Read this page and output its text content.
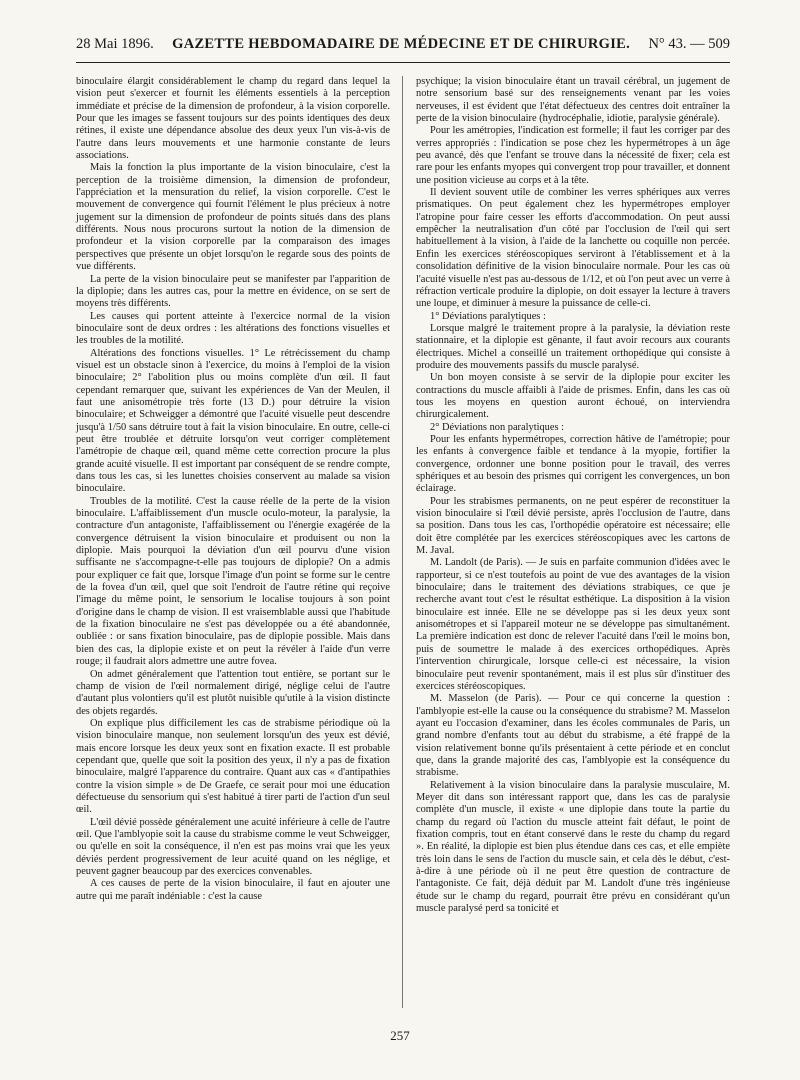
28 Mai 1896. GAZETTE HEBDOMADAIRE DE MÉDECINE ET DE CHIRURGIE. N° 43. — 509

binoculaire élargit considérablement le champ du regard dans lequel la vision peut s'exercer et fournit les éléments essentiels à la perception immédiate et précise de la dimension de profondeur, à la vision corporelle. Pour que les images se fassent toujours sur des points identiques des deux rétines, il existe une dépendance absolue des deux yeux l'un vis-à-vis de l'autre dans leurs mouvements et une harmonie constante de leurs associations.

Mais la fonction la plus importante de la vision binoculaire, c'est la perception de la troisième dimension, la dimension de profondeur, l'appréciation et la mensuration du relief, la vision corporelle. C'est le mouvement de convergence qui fournit l'élément le plus précieux à notre jugement sur la dimension de profondeur de points situés dans des plans différents. Nous nous procurons surtout la notion de la dimension de profondeur et la vision corporelle par la comparaison des images perspectives que présente un objet lorsqu'on le regarde sous des points de vue différents.

La perte de la vision binoculaire peut se manifester par l'apparition de la diplopie; dans les autres cas, pour la mettre en évidence, on se sert de moyens très différents.

Les causes qui portent atteinte à l'exercice normal de la vision binoculaire sont de deux ordres : les altérations des fonctions visuelles et les troubles de la motilité.

Altérations des fonctions visuelles. 1° Le rétrécissement du champ visuel est un obstacle sinon à l'exercice, du moins à l'emploi de la vision binoculaire; 2° l'abolition plus ou moins complète d'un œil. Il faut cependant remarquer que, suivant les expériences de Van der Meulen, il faut une anisométropie très forte (13 D.) pour détruire la vision binoculaire; et Schweigger a démontré que l'acuité visuelle peut descendre jusqu'à 1/50 sans détruire tout à fait la vision binoculaire. En outre, celle-ci peut être troublée et détruite lorsqu'on veut corriger complètement l'amétropie de chaque œil, quand même cette correction procure la plus grande acuité visuelle. Il est important par conséquent de se rendre compte, dans tous les cas, si les lunettes choisies conservent au malade sa vision binoculaire.

Troubles de la motilité. C'est la cause réelle de la perte de la vision binoculaire. L'affaiblissement d'un muscle oculo-moteur, la paralysie, la contracture d'un antagoniste, l'affaiblissement ou l'énergie exagérée de la convergence détruisent la vision binoculaire et produisent ou non la diplopie. Mais pourquoi la déviation d'un œil pourvu d'une vision suffisante ne s'accompagne-t-elle pas toujours de diplopie? On a admis pour expliquer ce fait que, lorsque l'image d'un point se forme sur le centre de la fovea d'un œil, quel que soit l'endroit de l'autre rétine qui reçoive l'image du même point, le sensorium le localise toujours à son point d'origine dans le champ de vision. Il est vraisemblable aussi que l'habitude de la fixation binoculaire ne s'est pas développée ou a été abandonnée, oubliée : or sans fixation binoculaire, pas de diplopie possible. Mais dans bien des cas, la diplopie existe et on peut la révéler à l'aide d'un verre rouge; il faudrait alors admettre une autre fovea.

On admet généralement que l'attention tout entière, se portant sur le champ de vision de l'œil normalement dirigé, néglige celui de l'autre d'autant plus volontiers qu'il est plutôt nuisible qu'utile à la vision distincte des objets regardés.

On explique plus difficilement les cas de strabisme périodique où la vision binoculaire manque, non seulement lorsqu'un des yeux est dévié, mais encore lorsque les deux yeux sont en fixation exacte. Il est probable cependant que, quelle que soit la position des yeux, il n'y a pas de fixation binoculaire, malgré l'apparence du contraire. Quant aux cas « d'antipathies contre la vision simple » de De Graefe, ce serait pour moi une éducation défectueuse du sensorium qui s'est habitué à tirer parti de l'action d'un seul œil.

L'œil dévié possède généralement une acuité inférieure à celle de l'autre œil. Que l'amblyopie soit la cause du strabisme comme le veut Schweigger, ou qu'elle en soit la conséquence, il n'en est pas moins vrai que les yeux déviés perdent progressivement de leur acuité quand on les néglige, et peuvent gagner beaucoup par des exercices convenables.

A ces causes de perte de la vision binoculaire, il faut en ajouter une autre qui me paraît indéniable : c'est la cause

psychique; la vision binoculaire étant un travail cérébral, un jugement de notre sensorium basé sur des renseignements venant par les voies nerveuses, il est évident que l'état défectueux des centres doit entraîner la perte de la vision binoculaire (hydrocéphalie, idiotie, paralysie générale).

Pour les amétropies, l'indication est formelle; il faut les corriger par des verres appropriés : l'indication se pose chez les hypermétropes à un âge peu avancé, dès que l'enfant se trouve dans la nécessité de fixer; cela est rare pour les enfants myopes qui convergent trop pour travailler, et donnent une position vicieuse au corps et à la tête.

Il devient souvent utile de combiner les verres sphériques aux verres prismatiques. On peut également chez les hypermétropes employer l'atropine pour faire cesser les efforts d'accommodation. On peut aussi empêcher la neutralisation d'un côté par l'occlusion de l'œil qui sert habituellement à la vision, à l'aide de la lanchette ou coquille non percée. Enfin les exercices stéréoscopiques serviront à l'établissement et à la consolidation définitive de la vision binoculaire normale. Pour les cas où l'acuité visuelle n'est pas au-dessous de 1/12, et où l'on peut avec un verre à réfraction verticale produire la diplopie, on doit essayer la lecture à travers une loupe, et diminuer à mesure la puissance de celle-ci.

1° Déviations paralytiques :

Lorsque malgré le traitement propre à la paralysie, la déviation reste stationnaire, et la diplopie est gênante, il faut avoir recours aux courants électriques. Michel a conseillé un traitement orthopédique qui consiste à produire des mouvements passifs du muscle paralysé.

Un bon moyen consiste à se servir de la diplopie pour exciter les contractions du muscle affaibli à l'aide de prismes. Enfin, dans les cas où tous les moyens en question auront échoué, on interviendra chirurgicalement.

2° Déviations non paralytiques :

Pour les enfants hypermétropes, correction hâtive de l'amétropie; pour les enfants à convergence faible et tendance à la myopie, fortifier la convergence, ordonner une bonne position pour le travail, des verres sphériques et au besoin des prismes qui corrigent les convergences, un bon éclairage.

Pour les strabismes permanents, on ne peut espérer de reconstituer la vision binoculaire si l'œil dévié persiste, après l'occlusion de l'autre, dans sa position. Dans tous les cas, l'orthopédie opératoire est nécessaire; elle doit être complétée par les exercices stéréoscopiques avec les cartons de M. Javal.

M. Landolt (de Paris). — Je suis en parfaite communion d'idées avec le rapporteur, si ce n'est toutefois au point de vue des avantages de la vision binoculaire; dans le traitement des déviations strabiques, ce que je recherche avant tout c'est le résultat esthétique. La disposition à la vision binoculaire est innée. Elle ne se développe pas si les deux yeux sont anisométropes et si l'appareil moteur ne se développe pas simultanément. La première indication est donc de relever l'acuité dans l'œil le moins bon, puis de soumettre le malade à des exercices orthopédiques. Après l'intervention chirurgicale, lorsque celle-ci est nécessaire, la vision binoculaire peut revenir spontanément, mais il est plus sûr d'instituer des exercices stéréoscopiques.

M. Masselon (de Paris). — Pour ce qui concerne la question : l'amblyopie est-elle la cause ou la conséquence du strabisme? M. Masselon ayant eu l'occasion d'examiner, dans les écoles communales de Paris, un grand nombre d'enfants tout au début du strabisme, a été frappé de la vision relativement bonne qu'ils présentaient à cette période et en conclut que, dans la grande majorité des cas, l'amblyopie est la conséquence du strabisme.

Relativement à la vision binoculaire dans la paralysie musculaire, M. Meyer dit dans son intéressant rapport que, dans les cas de paralysie complète d'un muscle, il existe « une diplopie dans toute la partie du champ du regard où l'action du muscle atteint fait défaut, le point de fixation compris, tout en étant conservé dans le reste du champ du regard ». En réalité, la diplopie est bien plus étendue dans ces cas, et elle empiète très loin dans le sens de l'action du muscle sain, et cela dès le début, c'est-à-dire à une période où il ne peut être question de contracture de l'antagoniste. Ce fait, déjà déduit par M. Landolt d'une très ingénieuse étude sur le champ du regard, pourrait être prévu en considérant qu'un muscle paralysé perd sa tonicité et

257
